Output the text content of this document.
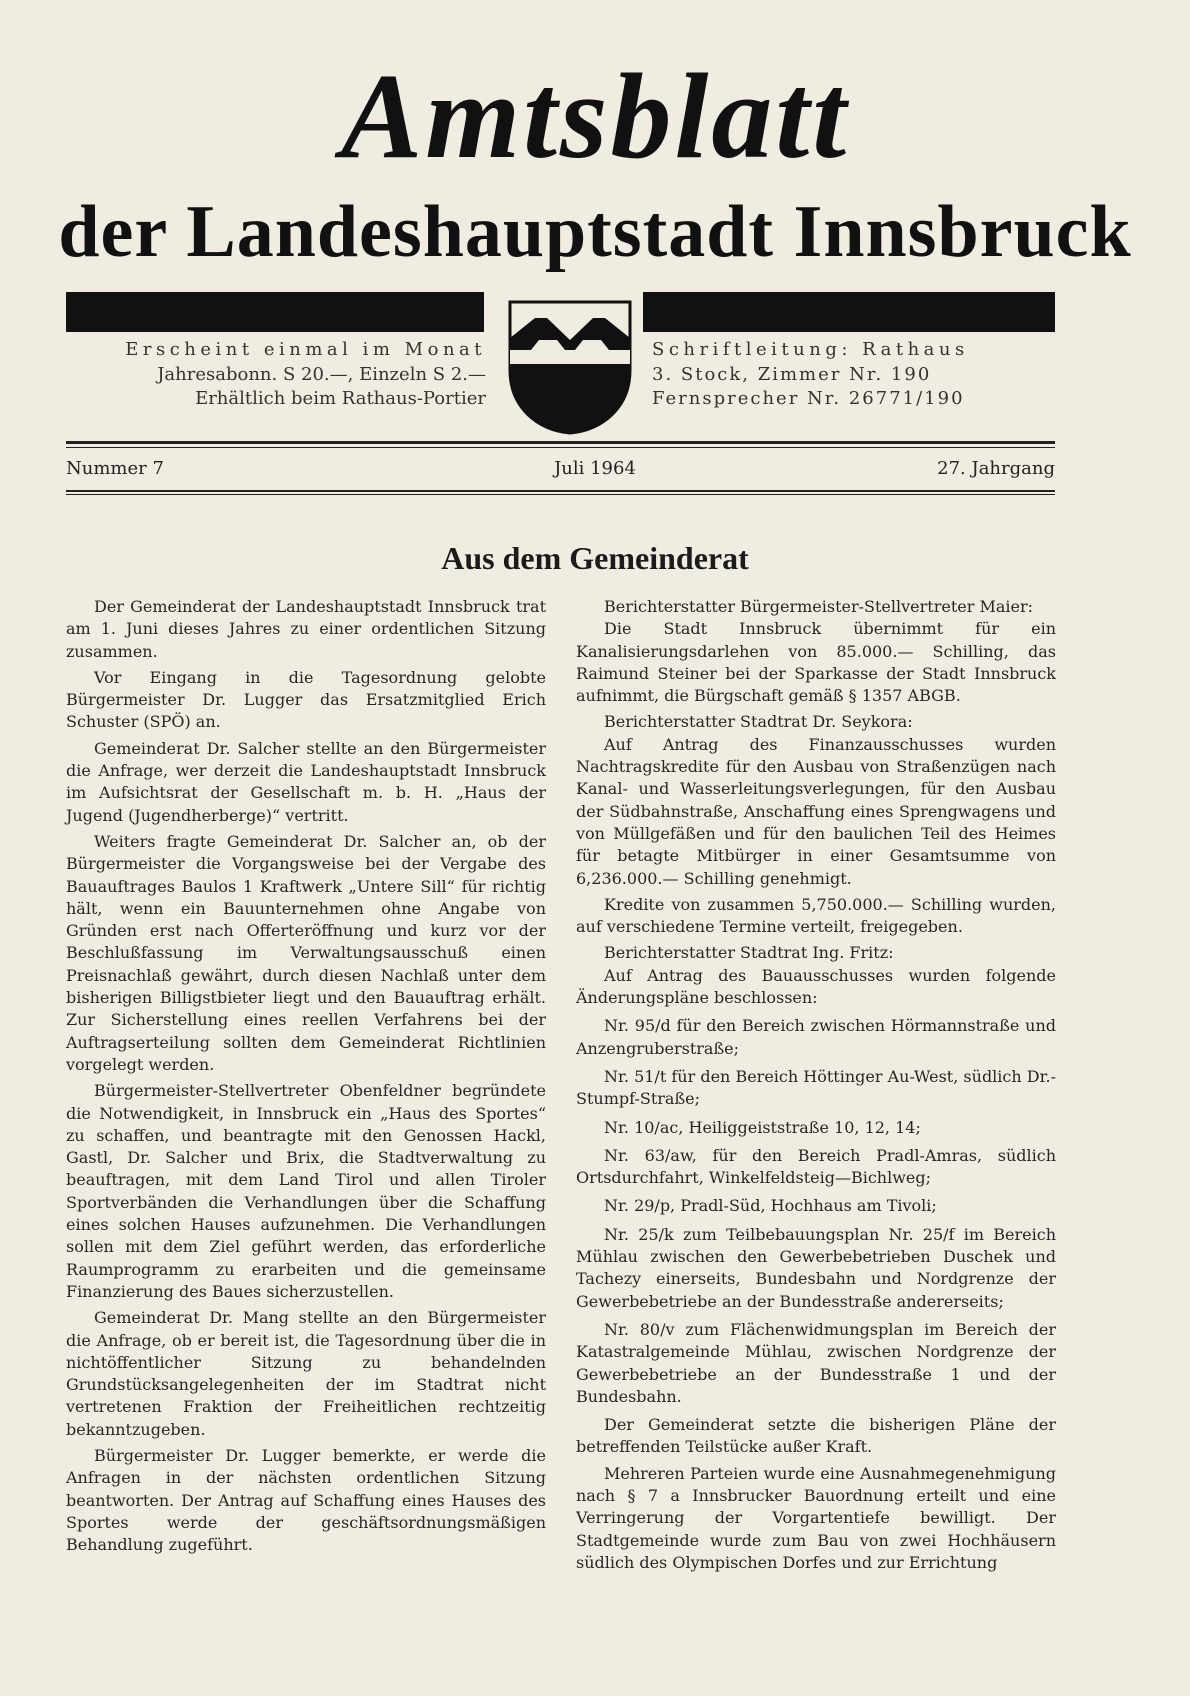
Amtsblatt
der Landeshauptstadt Innsbruck
Erscheint einmal im Monat
Jahresabonn. S 20.—, Einzeln S 2.—
Erhältlich beim Rathaus-Portier
Schriftleitung: Rathaus
3. Stock, Zimmer Nr. 190
Fernsprecher Nr. 26771/190
Nummer 7	Juli 1964	27. Jahrgang
Aus dem Gemeinderat

Der Gemeinderat der Landeshauptstadt Innsbruck trat am 1. Juni dieses Jahres zu einer ordentlichen Sitzung zusammen.

Vor Eingang in die Tagesordnung gelobte Bürgermeister Dr. Lugger das Ersatzmitglied Erich Schuster (SPÖ) an.

Gemeinderat Dr. Salcher stellte an den Bürgermeister die Anfrage, wer derzeit die Landeshauptstadt Innsbruck im Aufsichtsrat der Gesellschaft m. b. H. „Haus der Jugend (Jugendherberge)“ vertritt.

Weiters fragte Gemeinderat Dr. Salcher an, ob der Bürgermeister die Vorgangsweise bei der Vergabe des Bauauftrages Baulos 1 Kraftwerk „Untere Sill“ für richtig hält, wenn ein Bauunternehmen ohne Angabe von Gründen erst nach Offerteröffnung und kurz vor der Beschlußfassung im Verwaltungsausschuß einen Preisnachlaß gewährt, durch diesen Nachlaß unter dem bisherigen Billigstbieter liegt und den Bauauftrag erhält. Zur Sicherstellung eines reellen Verfahrens bei der Auftragserteilung sollten dem Gemeinderat Richtlinien vorgelegt werden.

Bürgermeister-Stellvertreter Obenfeldner begründete die Notwendigkeit, in Innsbruck ein „Haus des Sportes“ zu schaffen, und beantragte mit den Genossen Hackl, Gastl, Dr. Salcher und Brix, die Stadtverwaltung zu beauftragen, mit dem Land Tirol und allen Tiroler Sportverbänden die Verhandlungen über die Schaffung eines solchen Hauses aufzunehmen. Die Verhandlungen sollen mit dem Ziel geführt werden, das erforderliche Raumprogramm zu erarbeiten und die gemeinsame Finanzierung des Baues sicherzustellen.

Gemeinderat Dr. Mang stellte an den Bürgermeister die Anfrage, ob er bereit ist, die Tagesordnung über die in nichtöffentlicher Sitzung zu behandelnden Grundstücksangelegenheiten der im Stadtrat nicht vertretenen Fraktion der Freiheitlichen rechtzeitig bekanntzugeben.

Bürgermeister Dr. Lugger bemerkte, er werde die Anfragen in der nächsten ordentlichen Sitzung beantworten. Der Antrag auf Schaffung eines Hauses des Sportes werde der geschäftsordnungsmäßigen Behandlung zugeführt.

Berichterstatter Bürgermeister-Stellvertreter Maier:

Die Stadt Innsbruck übernimmt für ein Kanalisierungsdarlehen von 85.000.— Schilling, das Raimund Steiner bei der Sparkasse der Stadt Innsbruck aufnimmt, die Bürgschaft gemäß § 1357 ABGB.

Berichterstatter Stadtrat Dr. Seykora:

Auf Antrag des Finanzausschusses wurden Nachtragskredite für den Ausbau von Straßenzügen nach Kanal- und Wasserleitungsverlegungen, für den Ausbau der Südbahnstraße, Anschaffung eines Sprengwagens und von Müllgefäßen und für den baulichen Teil des Heimes für betagte Mitbürger in einer Gesamtsumme von 6,236.000.— Schilling genehmigt.

Kredite von zusammen 5,750.000.— Schilling wurden, auf verschiedene Termine verteilt, freigegeben.

Berichterstatter Stadtrat Ing. Fritz:

Auf Antrag des Bauausschusses wurden folgende Änderungspläne beschlossen:

Nr. 95/d für den Bereich zwischen Hörmannstraße und Anzengruberstraße;

Nr. 51/t für den Bereich Höttinger Au-West, südlich Dr.-Stumpf-Straße;

Nr. 10/ac, Heiliggeiststraße 10, 12, 14;

Nr. 63/aw, für den Bereich Pradl-Amras, südlich Ortsdurchfahrt, Winkelfeldsteig—Bichlweg;

Nr. 29/p, Pradl-Süd, Hochhaus am Tivoli;

Nr. 25/k zum Teilbebauungsplan Nr. 25/f im Bereich Mühlau zwischen den Gewerbebetrieben Duschek und Tachezy einerseits, Bundesbahn und Nordgrenze der Gewerbebetriebe an der Bundesstraße andererseits;

Nr. 80/v zum Flächenwidmungsplan im Bereich der Katastralgemeinde Mühlau, zwischen Nordgrenze der Gewerbebetriebe an der Bundesstraße 1 und der Bundesbahn.

Der Gemeinderat setzte die bisherigen Pläne der betreffenden Teilstücke außer Kraft.

Mehreren Parteien wurde eine Ausnahmegenehmigung nach § 7 a Innsbrucker Bauordnung erteilt und eine Verringerung der Vorgartentiefe bewilligt. Der Stadtgemeinde wurde zum Bau von zwei Hochhäusern südlich des Olympischen Dorfes und zur Errichtung
